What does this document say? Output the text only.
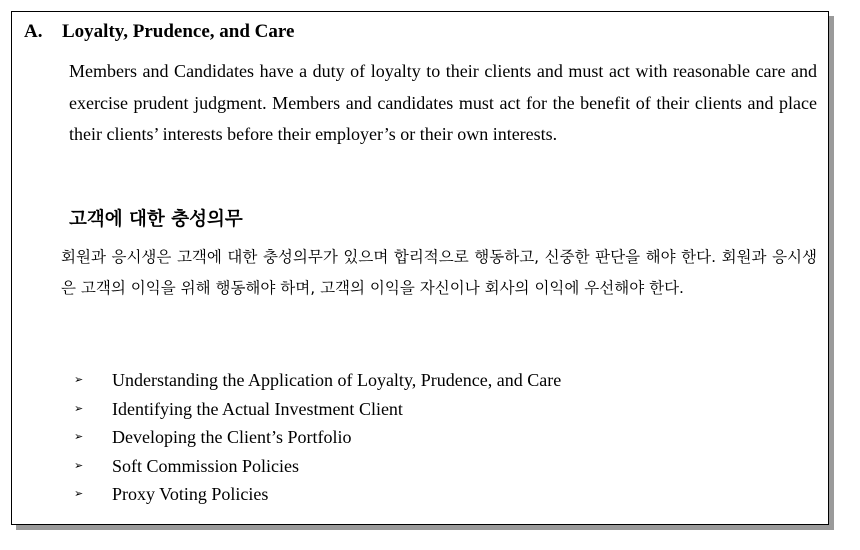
A. Loyalty, Prudence, and Care

Members and Candidates have a duty of loyalty to their clients and must act with reasonable care and exercise prudent judgment. Members and candidates must act for the benefit of their clients and place their clients’ interests before their employer’s or their own interests.

고객에 대한 충성의무

회원과 응시생은 고객에 대한 충성의무가 있으며 합리적으로 행동하고, 신중한 판단을 해야 한다. 회원과 응시생은 고객의 이익을 위해 행동해야 하며, 고객의 이익을 자신이나 회사의 이익에 우선해야 한다.

➢ Understanding the Application of Loyalty, Prudence, and Care
➢ Identifying the Actual Investment Client
➢ Developing the Client’s Portfolio
➢ Soft Commission Policies
➢ Proxy Voting Policies
